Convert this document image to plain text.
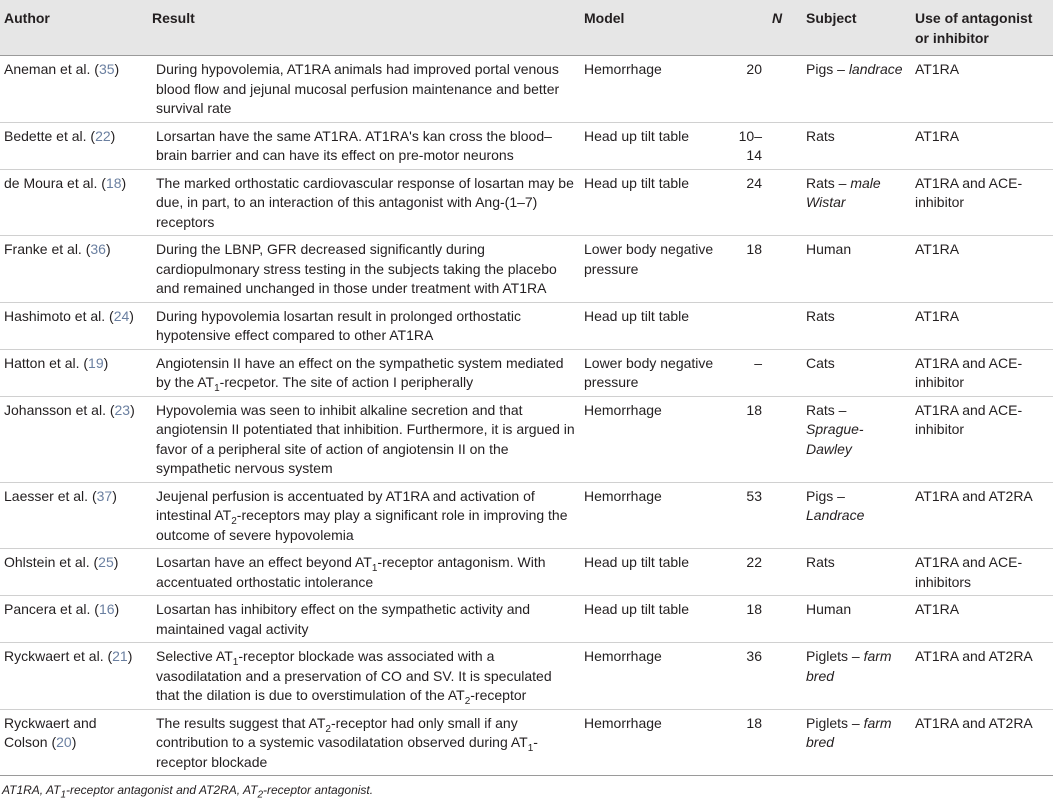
Author	Result	Model	N	Subject	Use of antagonist or inhibitor
Aneman et al. (35)	During hypovolemia, AT1RA animals had improved portal venous blood flow and jejunal mucosal perfusion maintenance and better survival rate	Hemorrhage	20	Pigs – landrace	AT1RA
Bedette et al. (22)	Lorsartan have the same AT1RA. AT1RA's kan cross the blood–brain barrier and can have its effect on pre-motor neurons	Head up tilt table	10–14	Rats	AT1RA
de Moura et al. (18)	The marked orthostatic cardiovascular response of losartan may be due, in part, to an interaction of this antagonist with Ang-(1–7) receptors	Head up tilt table	24	Rats – male Wistar	AT1RA and ACE-inhibitor
Franke et al. (36)	During the LBNP, GFR decreased significantly during cardiopulmonary stress testing in the subjects taking the placebo and remained unchanged in those under treatment with AT1RA	Lower body negative pressure	18	Human	AT1RA
Hashimoto et al. (24)	During hypovolemia losartan result in prolonged orthostatic hypotensive effect compared to other AT1RA	Head up tilt table		Rats	AT1RA
Hatton et al. (19)	Angiotensin II have an effect on the sympathetic system mediated by the $AT_1$-recpetor. The site of action I peripherally	Lower body negative pressure	–	Cats	AT1RA and ACE-inhibitor
Johansson et al. (23)	Hypovolemia was seen to inhibit alkaline secretion and that angiotensin II potentiated that inhibition. Furthermore, it is argued in favor of a peripheral site of action of angiotensin II on the sympathetic nervous system	Hemorrhage	18	Rats – Sprague-Dawley	AT1RA and ACE-inhibitor
Laesser et al. (37)	Jeujenal perfusion is accentuated by AT1RA and activation of intestinal $AT_2$-receptors may play a significant role in improving the outcome of severe hypovolemia	Hemorrhage	53	Pigs – Landrace	AT1RA and AT2RA
Ohlstein et al. (25)	Losartan have an effect beyond $AT_1$-receptor antagonism. With accentuated orthostatic intolerance	Head up tilt table	22	Rats	AT1RA and ACE-inhibitors
Pancera et al. (16)	Losartan has inhibitory effect on the sympathetic activity and maintained vagal activity	Head up tilt table	18	Human	AT1RA
Ryckwaert et al. (21)	Selective $AT_1$-receptor blockade was associated with a vasodilatation and a preservation of CO and SV. It is speculated that the dilation is due to overstimulation of the $AT_2$-receptor	Hemorrhage	36	Piglets – farm bred	AT1RA and AT2RA
Ryckwaert and Colson (20)	The results suggest that $AT_2$-receptor had only small if any contribution to a systemic vasodilatation observed during $AT_1$-receptor blockade	Hemorrhage	18	Piglets – farm bred	AT1RA and AT2RA
AT1RA, $AT_1$-receptor antagonist and AT2RA, $AT_2$-receptor antagonist.
